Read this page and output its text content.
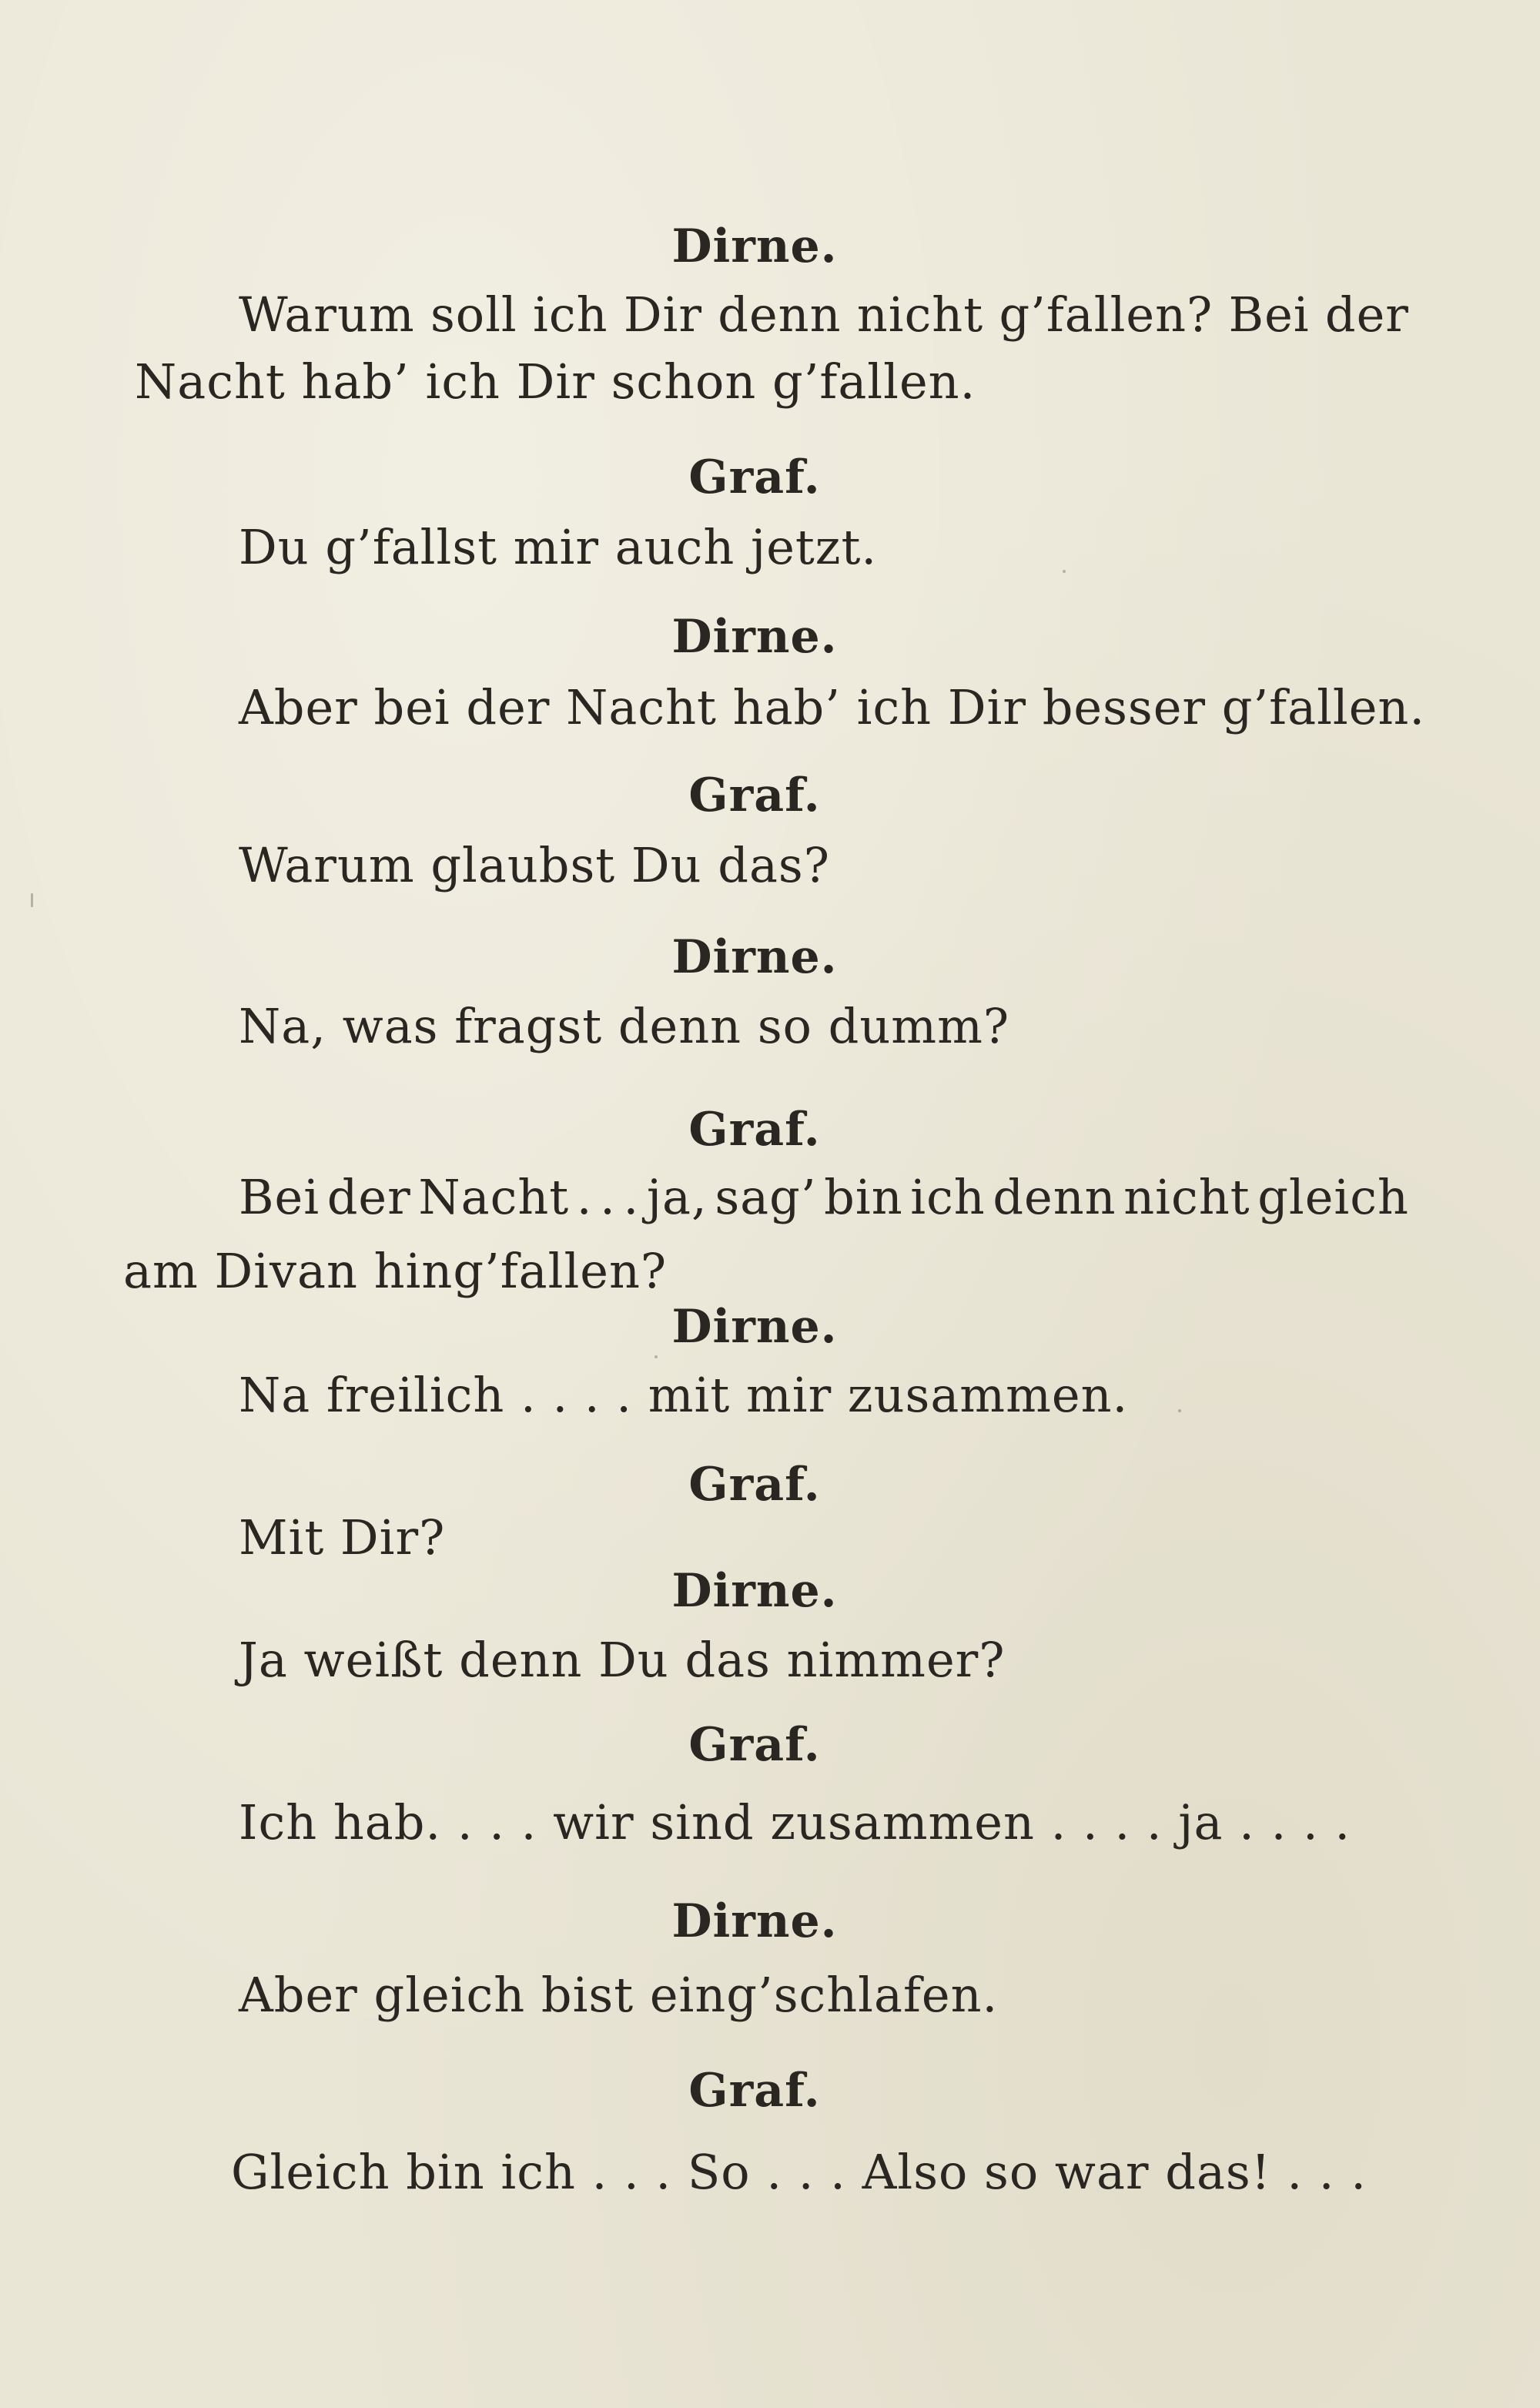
Dirne.
Warum soll ich Dir denn nicht g’fallen? Bei der
Nacht hab’ ich Dir schon g’fallen.
Graf.
Du g’fallst mir auch jetzt.
Dirne.
Aber bei der Nacht hab’ ich Dir besser g’fallen.
Graf.
Warum glaubst Du das?
Dirne.
Na, was fragst denn so dumm?
Graf.
Bei der Nacht . . . ja, sag’ bin ich denn nicht gleich
am Divan hing’fallen?
Dirne.
Na freilich . . . . mit mir zusammen.
Graf.
Mit Dir?
Dirne.
Ja weißt denn Du das nimmer?
Graf.
Ich hab. . . . wir sind zusammen . . . . ja . . . .
Dirne.
Aber gleich bist eing’schlafen.
Graf.
Gleich bin ich . . . So . . . Also so war das! . . .
